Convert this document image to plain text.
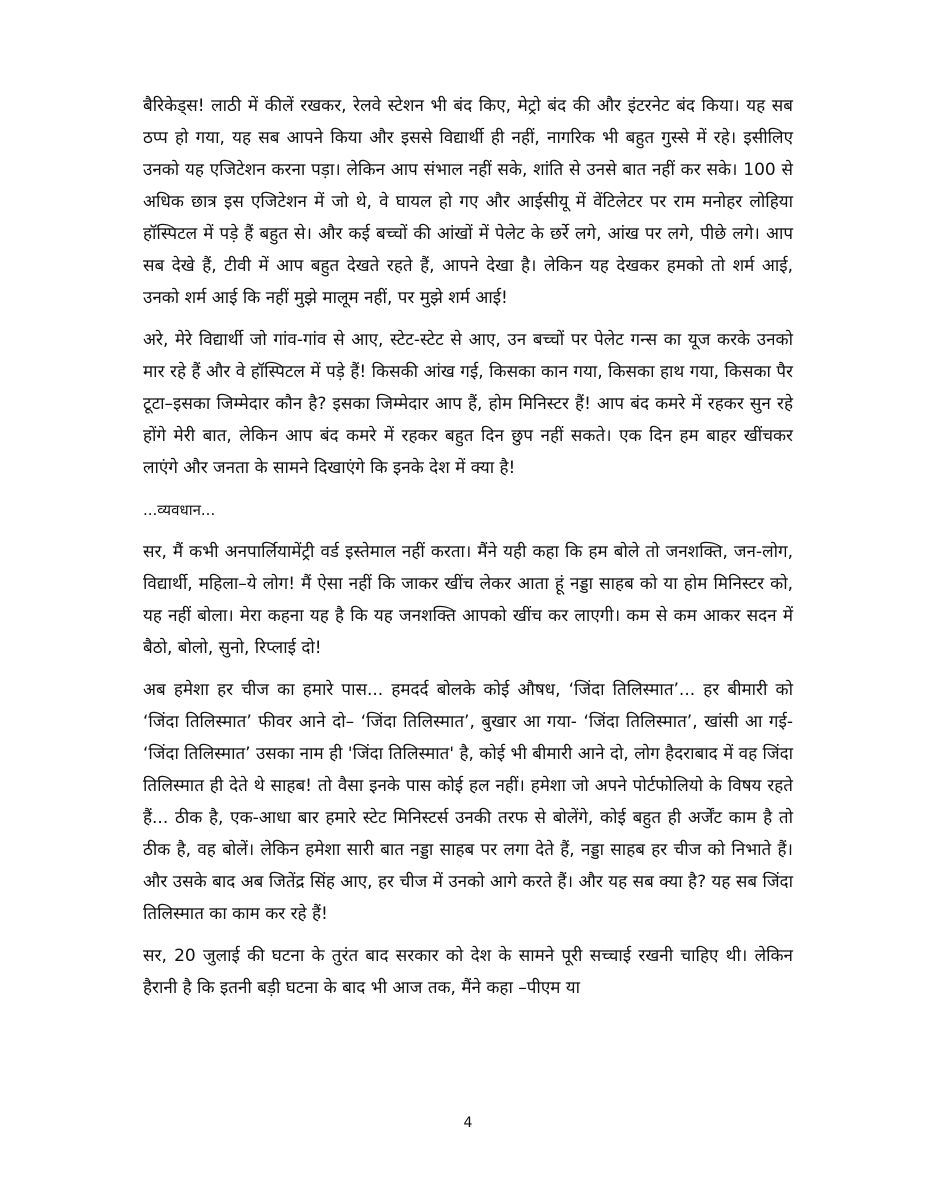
बैरिकेड्स! लाठी में कीलें रखकर, रेलवे स्टेशन भी बंद किए, मेट्रो बंद की और इंटरनेट बंद किया। यह सब ठप्प हो गया, यह सब आपने किया और इससे विद्यार्थी ही नहीं, नागरिक भी बहुत गुस्से में रहे। इसीलिए उनको यह एजिटेशन करना पड़ा। लेकिन आप संभाल नहीं सके, शांति से उनसे बात नहीं कर सके। 100 से अधिक छात्र इस एजिटेशन में जो थे, वे घायल हो गए और आईसीयू में वेंटिलेटर पर राम मनोहर लोहिया हॉस्पिटल में पड़े हैं बहुत से। और कई बच्चों की आंखों में पेलेट के छर्रे लगे, आंख पर लगे, पीछे लगे। आप सब देखे हैं, टीवी में आप बहुत देखते रहते हैं, आपने देखा है। लेकिन यह देखकर हमको तो शर्म आई, उनको शर्म आई कि नहीं मुझे मालूम नहीं, पर मुझे शर्म आई!

अरे, मेरे विद्यार्थी जो गांव-गांव से आए, स्टेट-स्टेट से आए, उन बच्चों पर पेलेट गन्स का यूज करके उनको मार रहे हैं और वे हॉस्पिटल में पड़े हैं! किसकी आंख गई, किसका कान गया, किसका हाथ गया, किसका पैर टूटा–इसका जिम्मेदार कौन है? इसका जिम्मेदार आप हैं, होम मिनिस्टर हैं! आप बंद कमरे में रहकर सुन रहे होंगे मेरी बात, लेकिन आप बंद कमरे में रहकर बहुत दिन छुप नहीं सकते। एक दिन हम बाहर खींचकर लाएंगे और जनता के सामने दिखाएंगे कि इनके देश में क्या है!

...व्यवधान...

सर, मैं कभी अनपार्लियामेंट्री वर्ड इस्तेमाल नहीं करता। मैंने यही कहा कि हम बोले तो जनशक्ति, जन-लोग, विद्यार्थी, महिला–ये लोग! मैं ऐसा नहीं कि जाकर खींच लेकर आता हूं नड्डा साहब को या होम मिनिस्टर को, यह नहीं बोला। मेरा कहना यह है कि यह जनशक्ति आपको खींच कर लाएगी। कम से कम आकर सदन में बैठो, बोलो, सुनो, रिप्लाई दो!

अब हमेशा हर चीज का हमारे पास... हमदर्द बोलके कोई औषध, ‘जिंदा तिलिस्मात’... हर बीमारी को ‘जिंदा तिलिस्मात’ फीवर आने दो– ‘जिंदा तिलिस्मात’, बुखार आ गया- ‘जिंदा तिलिस्मात’, खांसी आ गई- ‘जिंदा तिलिस्मात’ उसका नाम ही 'जिंदा तिलिस्मात' है, कोई भी बीमारी आने दो, लोग हैदराबाद में वह जिंदा तिलिस्मात ही देते थे साहब! तो वैसा इनके पास कोई हल नहीं। हमेशा जो अपने पोर्टफोलियो के विषय रहते हैं... ठीक है, एक-आधा बार हमारे स्टेट मिनिस्टर्स उनकी तरफ से बोलेंगे, कोई बहुत ही अर्जेंट काम है तो ठीक है, वह बोलें। लेकिन हमेशा सारी बात नड्डा साहब पर लगा देते हैं, नड्डा साहब हर चीज को निभाते हैं। और उसके बाद अब जितेंद्र सिंह आए, हर चीज में उनको आगे करते हैं। और यह सब क्या है? यह सब जिंदा तिलिस्मात का काम कर रहे हैं!

सर, 20 जुलाई की घटना के तुरंत बाद सरकार को देश के सामने पूरी सच्चाई रखनी चाहिए थी। लेकिन हैरानी है कि इतनी बड़ी घटना के बाद भी आज तक, मैंने कहा –पीएम या

4
